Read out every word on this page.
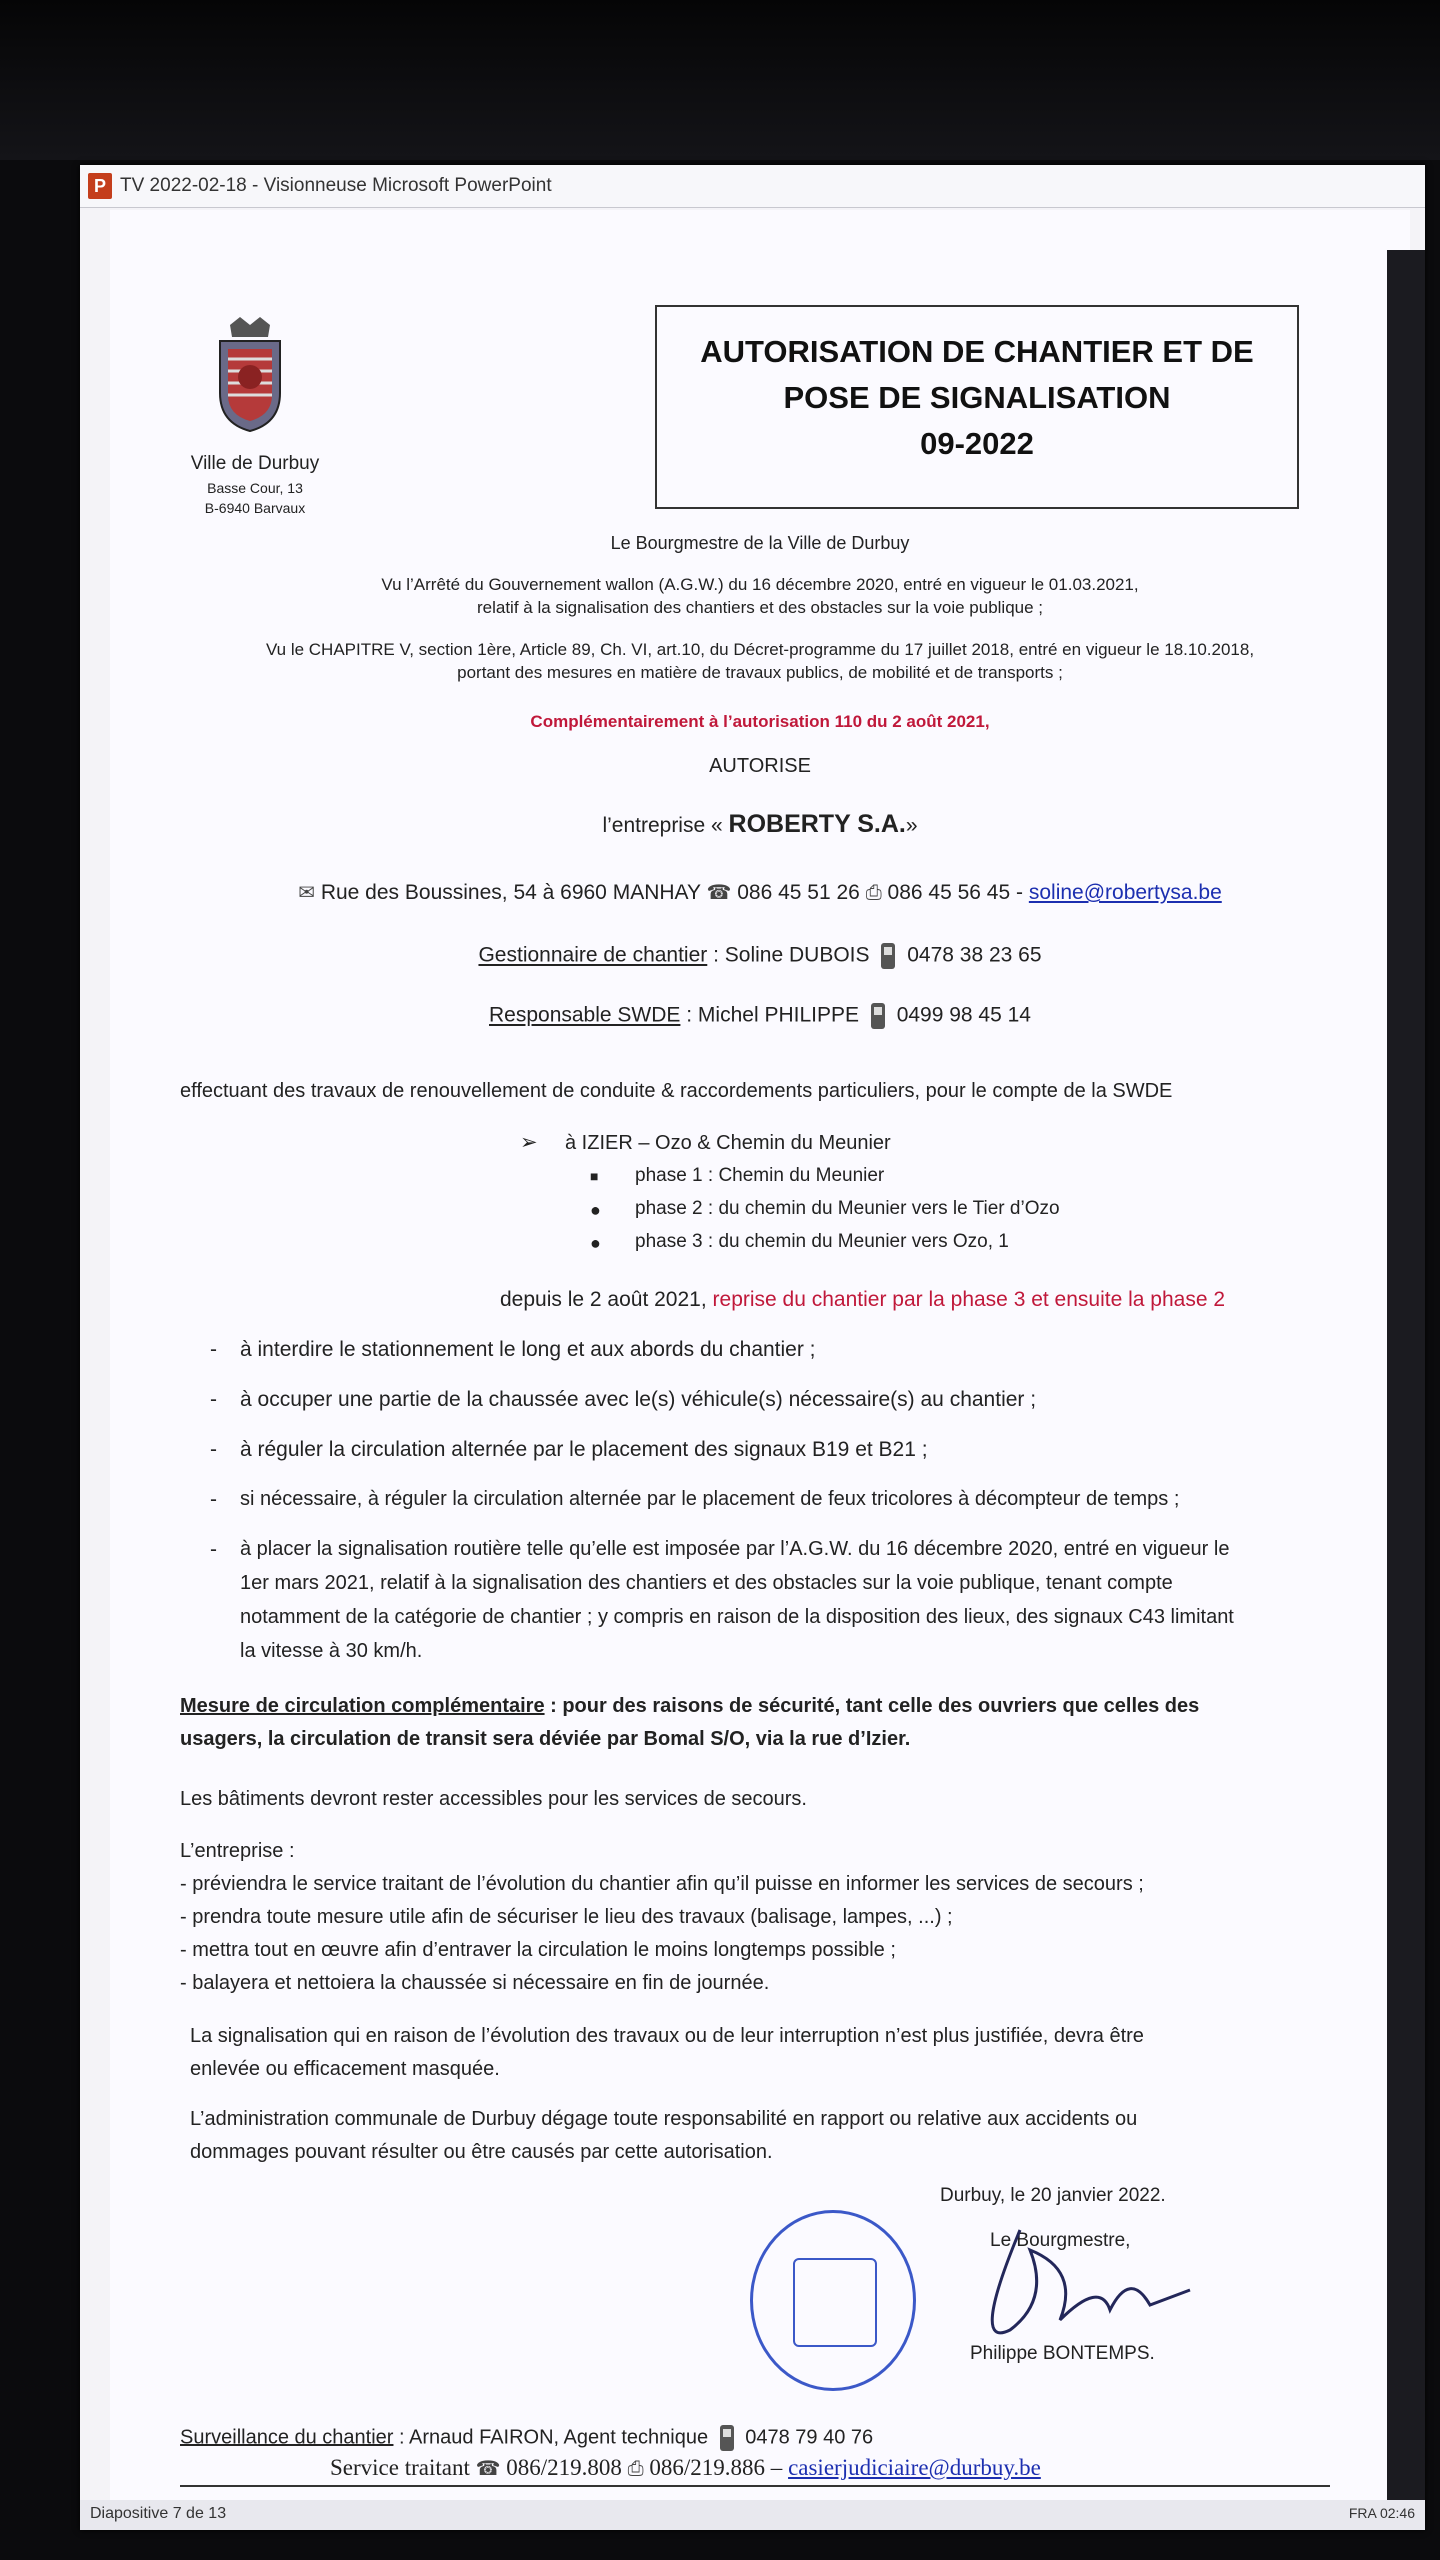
P TV 2022-02-18 - Visionneuse Microsoft PowerPoint
Ville de Durbuy
Basse Cour, 13
B-6940 Barvaux
AUTORISATION DE CHANTIER ET DE
POSE DE SIGNALISATION
09-2022
Le Bourgmestre de la Ville de Durbuy
Vu l’Arrêté du Gouvernement wallon (A.G.W.) du 16 décembre 2020, entré en vigueur le 01.03.2021,
relatif à la signalisation des chantiers et des obstacles sur la voie publique ;
Vu le CHAPITRE V, section 1ère, Article 89, Ch. VI, art.10, du Décret-programme du 17 juillet 2018, entré en vigueur le 18.10.2018,
portant des mesures en matière de travaux publics, de mobilité et de transports ;
Complémentairement à l’autorisation 110 du 2 août 2021,
AUTORISE
l’entreprise « ROBERTY S.A.»
✉ Rue des Boussines, 54 à 6960 MANHAY ☎ 086 45 51 26 ⎙ 086 45 56 45 - soline@robertysa.be
Gestionnaire de chantier : Soline DUBOIS 0478 38 23 65
Responsable SWDE : Michel PHILIPPE 0499 98 45 14
effectuant des travaux de renouvellement de conduite & raccordements particuliers, pour le compte de la SWDE
➢ à IZIER – Ozo & Chemin du Meunier
■ phase 1 : Chemin du Meunier
● phase 2 : du chemin du Meunier vers le Tier d’Ozo
● phase 3 : du chemin du Meunier vers Ozo, 1
depuis le 2 août 2021, reprise du chantier par la phase 3 et ensuite la phase 2
- à interdire le stationnement le long et aux abords du chantier ;
- à occuper une partie de la chaussée avec le(s) véhicule(s) nécessaire(s) au chantier ;
- à réguler la circulation alternée par le placement des signaux B19 et B21 ;
- si nécessaire, à réguler la circulation alternée par le placement de feux tricolores à décompteur de temps ;
- à placer la signalisation routière telle qu’elle est imposée par l’A.G.W. du 16 décembre 2020, entré en vigueur le
1er mars 2021, relatif à la signalisation des chantiers et des obstacles sur la voie publique, tenant compte
notamment de la catégorie de chantier ; y compris en raison de la disposition des lieux, des signaux C43 limitant
la vitesse à 30 km/h.
Mesure de circulation complémentaire : pour des raisons de sécurité, tant celle des ouvriers que celles des
usagers, la circulation de transit sera déviée par Bomal S/O, via la rue d’Izier.
Les bâtiments devront rester accessibles pour les services de secours.
L’entreprise :
- préviendra le service traitant de l’évolution du chantier afin qu’il puisse en informer les services de secours ;
- prendra toute mesure utile afin de sécuriser le lieu des travaux (balisage, lampes, ...) ;
- mettra tout en œuvre afin d’entraver la circulation le moins longtemps possible ;
- balayera et nettoiera la chaussée si nécessaire en fin de journée.
La signalisation qui en raison de l’évolution des travaux ou de leur interruption n’est plus justifiée, devra être
enlevée ou efficacement masquée.
L’administration communale de Durbuy dégage toute responsabilité en rapport ou relative aux accidents ou
dommages pouvant résulter ou être causés par cette autorisation.
Durbuy, le 20 janvier 2022.
Le Bourgmestre,
Philippe BONTEMPS.
Surveillance du chantier : Arnaud FAIRON, Agent technique 0478 79 40 76
Service traitant ☎ 086/219.808 ⎙ 086/219.886 – casierjudiciaire@durbuy.be
Diapositive 7 de 13	FRA 02:46
